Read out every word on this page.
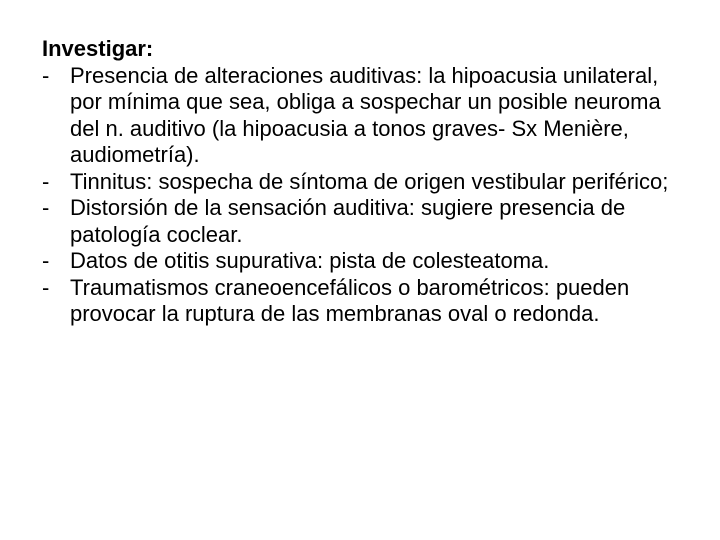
Investigar:

- Presencia de alteraciones auditivas: la hipoacusia unilateral, por mínima que sea, obliga a sospechar un posible neuroma del n. auditivo (la hipoacusia a tonos graves- Sx Menière, audiometría).
- Tinnitus: sospecha de síntoma de origen vestibular periférico;
- Distorsión de la sensación auditiva: sugiere presencia de patología coclear.
- Datos de otitis supurativa: pista de colesteatoma.
- Traumatismos craneoencefálicos o barométricos: pueden provocar la ruptura de las membranas oval o redonda.
